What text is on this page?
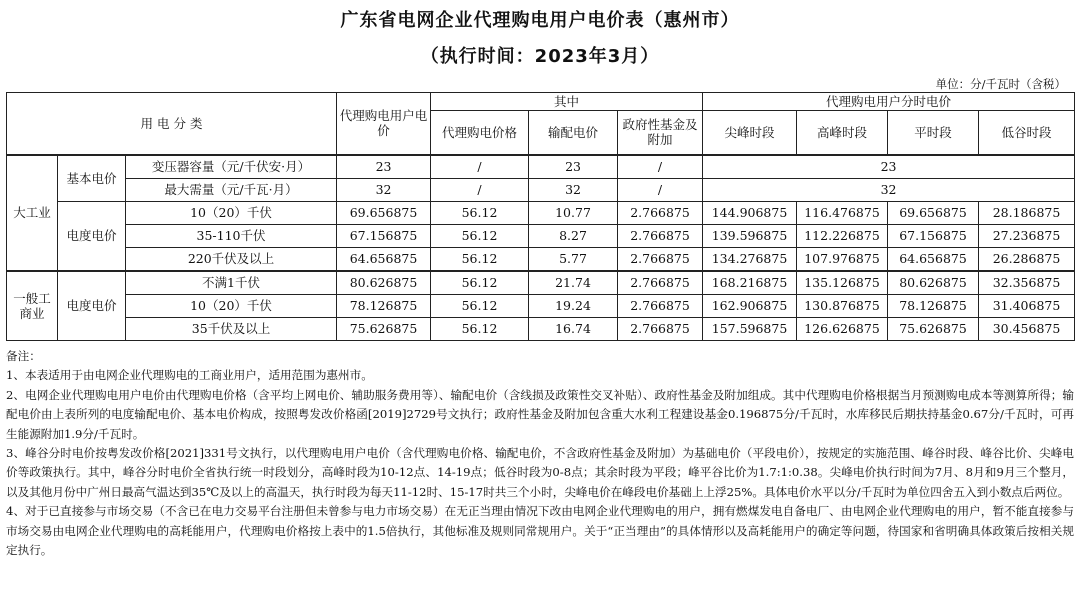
广东省电网企业代理购电用户电价表（惠州市）
（执行时间：2023年3月）
单位：分/千瓦时（含税）
用 电 分 类			代理购电用户电价	其中			代理购电用户分时电价			
				代理购电价格	输配电价	政府性基金及附加	尖峰时段	高峰时段	平时段	低谷时段
大工业	基本电价	变压器容量（元/千伏安·月）	23	/	23	/	23			
		最大需量（元/千瓦·月）	32	/	32	/	32			
	电度电价	10（20）千伏	69.656875	56.12	10.77	2.766875	144.906875	116.476875	69.656875	28.186875
		35-110千伏	67.156875	56.12	8.27	2.766875	139.596875	112.226875	67.156875	27.236875
		220千伏及以上	64.656875	56.12	5.77	2.766875	134.276875	107.976875	64.656875	26.286875
一般工商业	电度电价	不满1千伏	80.626875	56.12	21.74	2.766875	168.216875	135.126875	80.626875	32.356875
		10（20）千伏	78.126875	56.12	19.24	2.766875	162.906875	130.876875	78.126875	31.406875
		35千伏及以上	75.626875	56.12	16.74	2.766875	157.596875	126.626875	75.626875	30.456875

备注：

1、本表适用于由电网企业代理购电的工商业用户，适用范围为惠州市。

2、电网企业代理购电用户电价由代理购电价格（含平均上网电价、辅助服务费用等）、输配电价（含线损及政策性交叉补贴）、政府性基金及附加组成。其中代理购电价格根据当月预测购电成本等测算所得；输配电价由上表所列的电度输配电价、基本电价构成，按照粤发改价格函[2019]2729号文执行；政府性基金及附加包含重大水利工程建设基金0.196875分/千瓦时，水库移民后期扶持基金0.67分/千瓦时，可再生能源附加1.9分/千瓦时。

3、峰谷分时电价按粤发改价格[2021]331号文执行，以代理购电用户电价（含代理购电价格、输配电价，不含政府性基金及附加）为基础电价（平段电价），按规定的实施范围、峰谷时段、峰谷比价、尖峰电价等政策执行。其中，峰谷分时电价全省执行统一时段划分，高峰时段为10-12点、14-19点；低谷时段为0-8点；其余时段为平段；峰平谷比价为1.7:1:0.38。尖峰电价执行时间为7月、8月和9月三个整月，以及其他月份中广州日最高气温达到35℃及以上的高温天，执行时段为每天11-12时、15-17时共三个小时，尖峰电价在峰段电价基础上上浮25%。具体电价水平以分/千瓦时为单位四舍五入到小数点后两位。

4、对于已直接参与市场交易（不含已在电力交易平台注册但未曾参与电力市场交易）在无正当理由情况下改由电网企业代理购电的用户，拥有燃煤发电自备电厂、由电网企业代理购电的用户，暂不能直接参与市场交易由电网企业代理购电的高耗能用户，代理购电价格按上表中的1.5倍执行，其他标准及规则同常规用户。关于“正当理由”的具体情形以及高耗能用户的确定等问题，待国家和省明确具体政策后按相关规定执行。
